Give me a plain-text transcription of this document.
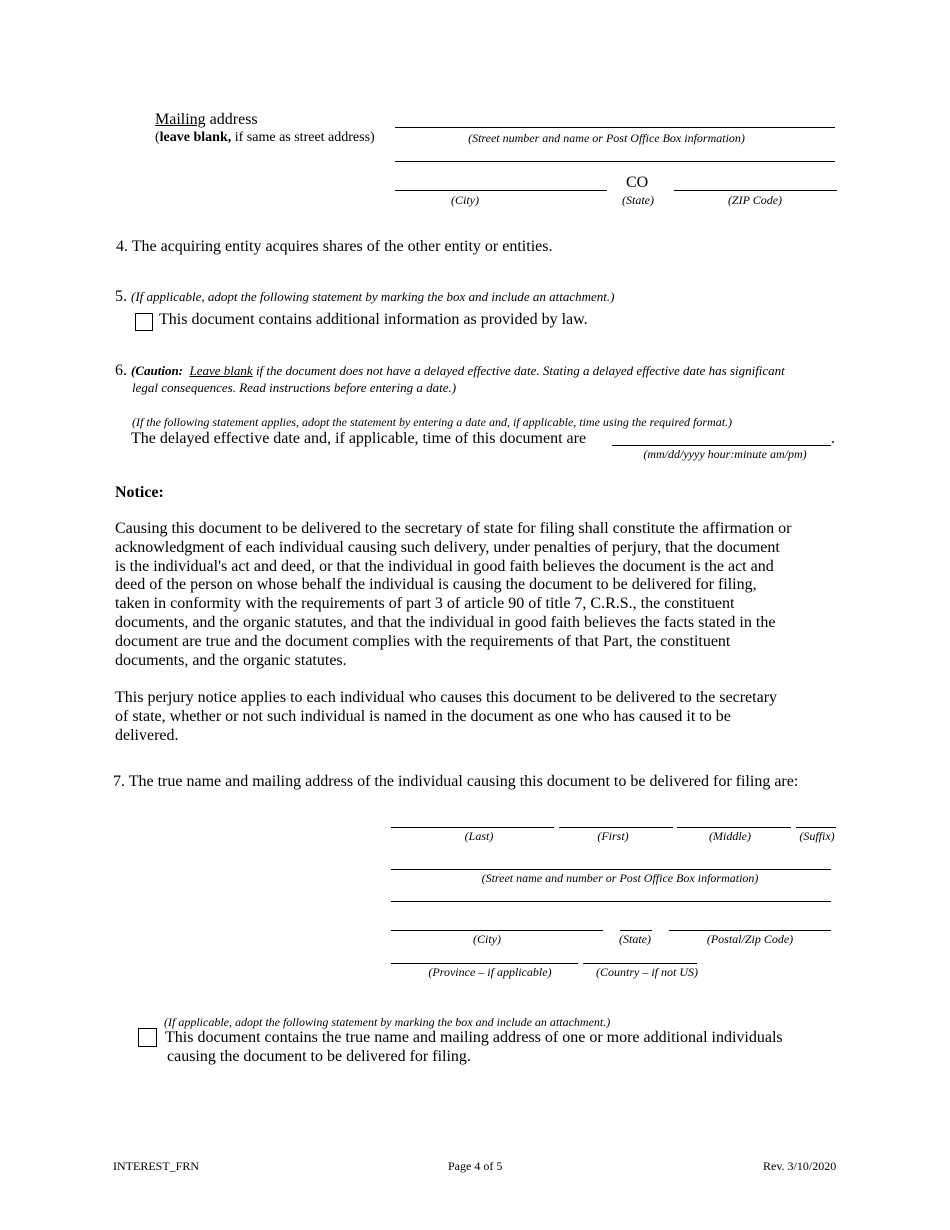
Mailing address
(leave blank, if same as street address)	(Street number and name or Post Office Box information)
CO
(City)	(State)	(ZIP Code)
4. The acquiring entity acquires shares of the other entity or entities.
5. (If applicable, adopt the following statement by marking the box and include an attachment.)
This document contains additional information as provided by law.
6. (Caution: Leave blank if the document does not have a delayed effective date. Stating a delayed effective date has significant
legal consequences. Read instructions before entering a date.)
(If the following statement applies, adopt the statement by entering a date and, if applicable, time using the required format.)
The delayed effective date and, if applicable, time of this document are	.
(mm/dd/yyyy hour:minute am/pm)
Notice:

Causing this document to be delivered to the secretary of state for filing shall constitute the affirmation or

acknowledgment of each individual causing such delivery, under penalties of perjury, that the document

is the individual's act and deed, or that the individual in good faith believes the document is the act and

deed of the person on whose behalf the individual is causing the document to be delivered for filing,

taken in conformity with the requirements of part 3 of article 90 of title 7, C.R.S., the constituent

documents, and the organic statutes, and that the individual in good faith believes the facts stated in the

document are true and the document complies with the requirements of that Part, the constituent

documents, and the organic statutes.

This perjury notice applies to each individual who causes this document to be delivered to the secretary

of state, whether or not such individual is named in the document as one who has caused it to be

delivered.

7. The true name and mailing address of the individual causing this document to be delivered for filing are:
(Last)	(First)	(Middle)	(Suffix)
(Street name and number or Post Office Box information)
(City)	(State)	(Postal/Zip Code)
(Province – if applicable)	(Country – if not US)
(If applicable, adopt the following statement by marking the box and include an attachment.)
This document contains the true name and mailing address of one or more additional individuals
causing the document to be delivered for filing.
INTEREST_FRN	Page 4 of 5	Rev. 3/10/2020
